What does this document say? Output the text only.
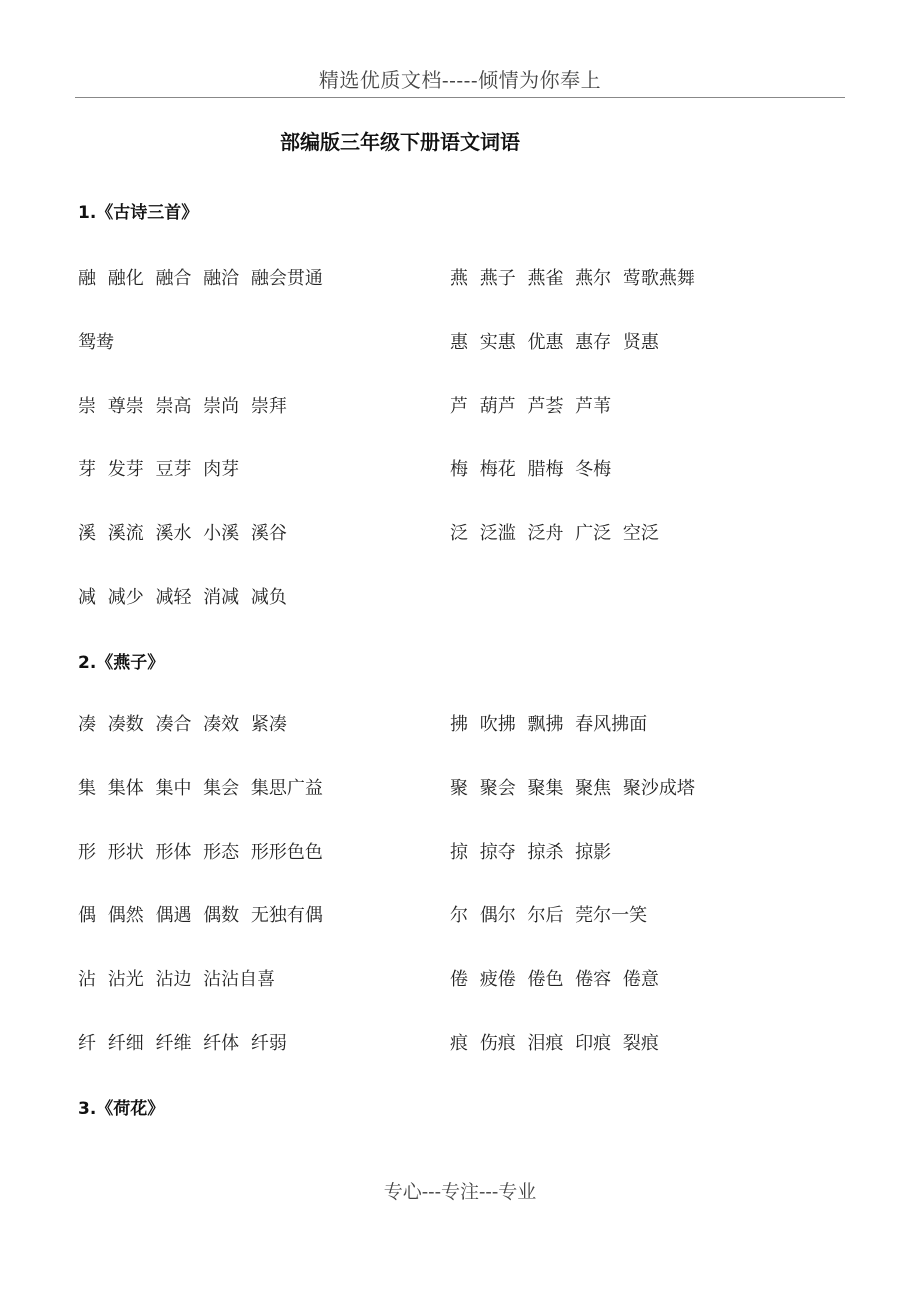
精选优质文档-----倾情为你奉上
部编版三年级下册语文词语
1.《古诗三首》
融 融化 融合 融洽 融会贯通	燕 燕子 燕雀 燕尔 莺歌燕舞
鸳鸯	惠 实惠 优惠 惠存 贤惠
崇 尊崇 崇高 崇尚 崇拜	芦 葫芦 芦荟 芦苇
芽 发芽 豆芽 肉芽	梅 梅花 腊梅 冬梅
溪 溪流 溪水 小溪 溪谷	泛 泛滥 泛舟 广泛 空泛
减 减少 减轻 消减 减负
2.《燕子》
凑 凑数 凑合 凑效 紧凑	拂 吹拂 飘拂 春风拂面
集 集体 集中 集会 集思广益	聚 聚会 聚集 聚焦 聚沙成塔
形 形状 形体 形态 形形色色	掠 掠夺 掠杀 掠影
偶 偶然 偶遇 偶数 无独有偶	尔 偶尔 尔后 莞尔一笑
沾 沾光 沾边 沾沾自喜	倦 疲倦 倦色 倦容 倦意
纤 纤细 纤维 纤体 纤弱	痕 伤痕 泪痕 印痕 裂痕
3.《荷花》
专心---专注---专业
